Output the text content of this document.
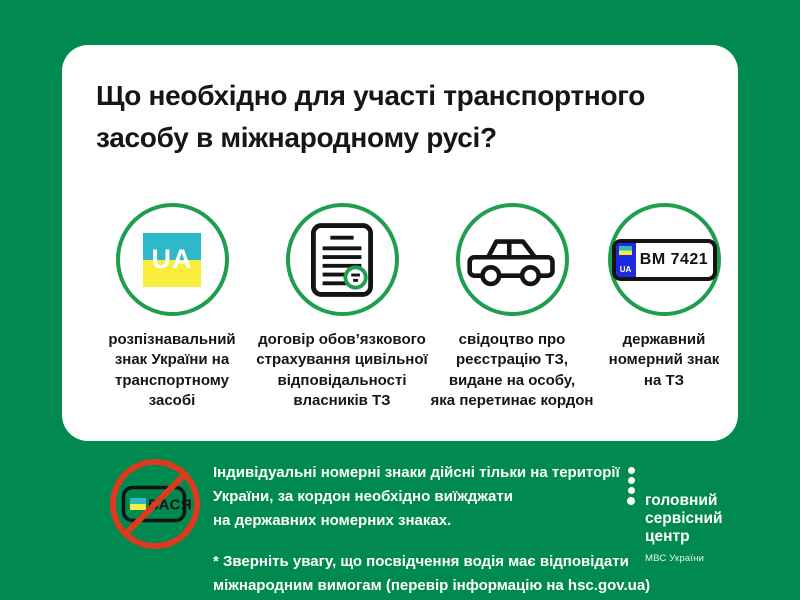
Що необхідно для участі транспортного
засобу в міжнародному русі?
UA
розпізнавальний
знак України на
транспортному
засобі
договір обов’язкового
страхування цивільної
відповідальності
власників ТЗ
свідоцтво про
реєстрацію ТЗ,
видане на особу,
яка перетинає кордон
UA
ВМ 7421
державний
номерний знак
на ТЗ
ВАСЯ
Індивідуальні номерні знаки дійсні тільки на території
України, за кордон необхідно виїжджати
на державних номерних знаках.
* Зверніть увагу, що посвідчення водія має відповідати
міжнародним вимогам (перевір інформацію на hsc.gov.ua)
головний
сервісний
центр
МВС України
